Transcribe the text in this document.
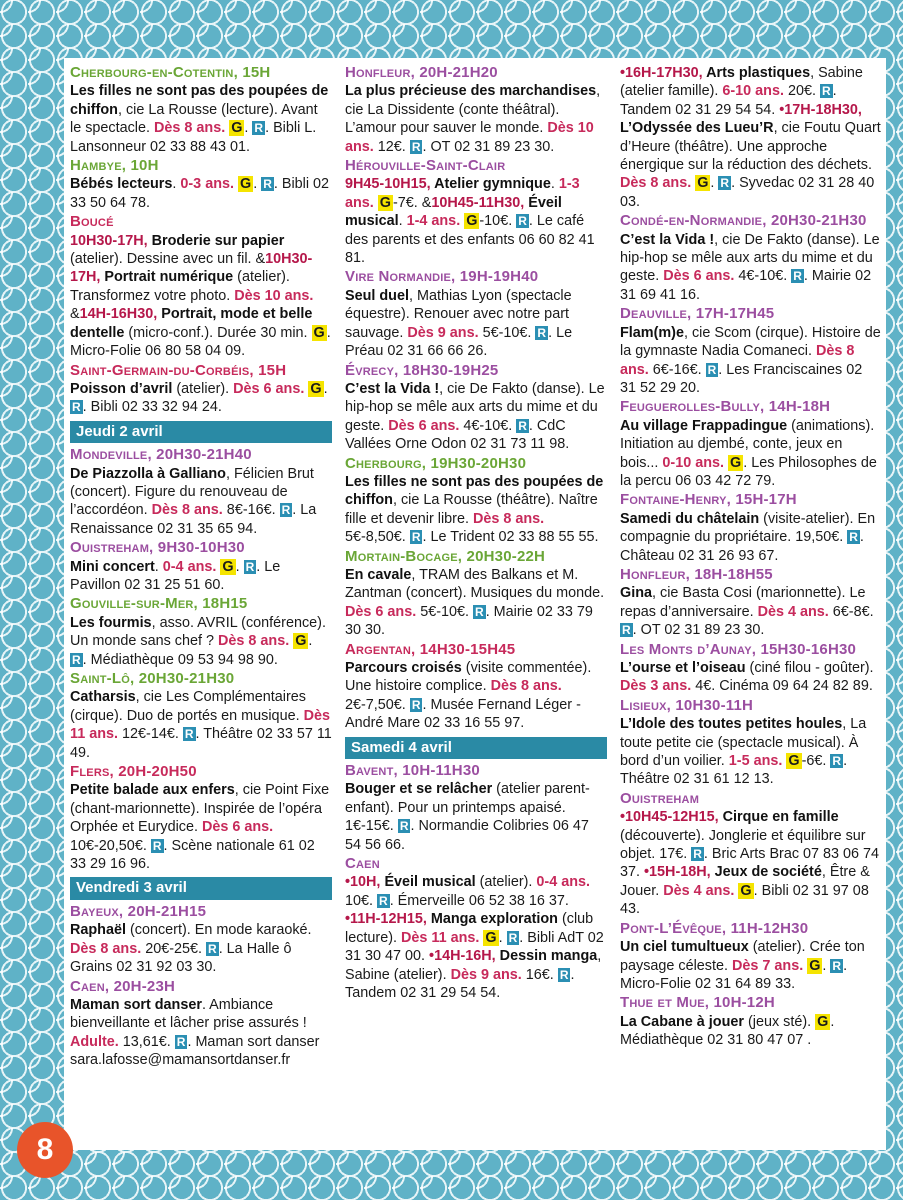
Cherbourg-en-Cotentin, 15H
Les filles ne sont pas des poupées de chiffon, cie La Rousse (lecture). Avant le spectacle. Dès 8 ans. G . R . Bibli L. Lansonneur 02 33 88 43 01.
Hambye, 10H
Bébés lecteurs. 0-3 ans. G . R . Bibli 02 33 50 64 78.
Boucé
10H30-17H, Broderie sur papier (atelier). Dessine avec un fil. &10H30-17H, Portrait numérique (atelier). Transformez votre photo. Dès 10 ans. &14H-16H30, Portrait, mode et belle dentelle (micro-conf.). Durée 30 min. G . Micro-Folie 06 80 58 04 09.
Saint-Germain-du-Corbéis, 15H
Poisson d’avril (atelier). Dès 6 ans. G . R . Bibli 02 33 32 94 24.
Jeudi 2 avril
Mondeville, 20H30-21H40
De Piazzolla à Galliano, Félicien Brut (concert). Figure du renouveau de l’accordéon. Dès 8 ans. 8€-16€. R . La Renaissance 02 31 35 65 94.
Ouistreham, 9H30-10H30
Mini concert. 0-4 ans. G . R . Le Pavillon 02 31 25 51 60.
Gouville-sur-Mer, 18H15
Les fourmis, asso. AVRIL (conférence). Un monde sans chef ? Dès 8 ans. G . R . Médiathèque 09 53 94 98 90.
Saint-Lô, 20H30-21H30
Catharsis, cie Les Complémentaires (cirque). Duo de portés en musique. Dès 11 ans. 12€-14€. R . Théâtre 02 33 57 11 49.
Flers, 20H-20H50
Petite balade aux enfers, cie Point Fixe (chant-marionnette). Inspirée de l’opéra Orphée et Eurydice. Dès 6 ans. 10€-20,50€. R . Scène nationale 61 02 33 29 16 96.
Vendredi 3 avril
Bayeux, 20H-21H15
Raphaël (concert). En mode karaoké. Dès 8 ans. 20€-25€. R . La Halle ô Grains 02 31 92 03 30.
Caen, 20H-23H
Maman sort danser. Ambiance bienveillante et lâcher prise assurés ! Adulte. 13,61€. R . Maman sort danser sara.lafosse@mamansortdanser.fr
Honfleur, 20H-21H20
La plus précieuse des marchandises, cie La Dissidente (conte théâtral). L’amour pour sauver le monde. Dès 10 ans. 12€. R . OT 02 31 89 23 30.
Hérouville-Saint-Clair
9H45-10H15, Atelier gymnique. 1-3 ans. G -7€. &10H45-11H30, Éveil musical. 1-4 ans. G -10€. R . Le café des parents et des enfants 06 60 82 41 81.
Vire Normandie, 19H-19H40
Seul duel, Mathias Lyon (spectacle équestre). Renouer avec notre part sauvage. Dès 9 ans. 5€-10€. R . Le Préau 02 31 66 66 26.
Évrecy, 18H30-19H25
C’est la Vida !, cie De Fakto (danse). Le hip-hop se mêle aux arts du mime et du geste. Dès 6 ans. 4€-10€. R . CdC Vallées Orne Odon 02 31 73 11 98.
Cherbourg, 19H30-20H30
Les filles ne sont pas des poupées de chiffon, cie La Rousse (théâtre). Naître fille et devenir libre. Dès 8 ans. 5€-8,50€. R . Le Trident 02 33 88 55 55.
Mortain-Bocage, 20H30-22H
En cavale, TRAM des Balkans et M. Zantman (concert). Musiques du monde. Dès 6 ans. 5€-10€. R . Mairie 02 33 79 30 30.
Argentan, 14H30-15H45
Parcours croisés (visite commentée). Une histoire complice. Dès 8 ans. 2€-7,50€. R . Musée Fernand Léger - André Mare 02 33 16 55 97.
Samedi 4 avril
Bavent, 10H-11H30
Bouger et se relâcher (atelier parent-enfant). Pour un printemps apaisé. 1€-15€. R . Normandie Colibries 06 47 54 56 66.
Caen
•10H, Éveil musical (atelier). 0-4 ans. 10€. R . Émerveille 06 52 38 16 37. •11H-12H15, Manga exploration (club lecture). Dès 11 ans. G . R . Bibli AdT 02 31 30 47 00. •14H-16H, Dessin manga, Sabine (atelier). Dès 9 ans. 16€. R . Tandem 02 31 29 54 54.
•16H-17H30, Arts plastiques, Sabine (atelier famille). 6-10 ans. 20€. R . Tandem 02 31 29 54 54. •17H-18H30, L’Odyssée des Lueu’R, cie Foutu Quart d’Heure (théâtre). Une approche énergique sur la réduction des déchets. Dès 8 ans. G . R . Syvedac 02 31 28 40 03.
Condé-en-Normandie, 20H30-21H30
C’est la Vida !, cie De Fakto (danse). Le hip-hop se mêle aux arts du mime et du geste. Dès 6 ans. 4€-10€. R . Mairie 02 31 69 41 16.
Deauville, 17H-17H45
Flam(m)e, cie Scom (cirque). Histoire de la gymnaste Nadia Comaneci. Dès 8 ans. 6€-16€. R . Les Franciscaines 02 31 52 29 20.
Feuguerolles-Bully, 14H-18H
Au village Frappadingue (animations). Initiation au djembé, conte, jeux en bois... 0-10 ans. G . Les Philosophes de la percu 06 03 42 72 79.
Fontaine-Henry, 15H-17H
Samedi du châtelain (visite-atelier). En compagnie du propriétaire. 19,50€. R . Château 02 31 26 93 67.
Honfleur, 18H-18H55
Gina, cie Basta Cosi (marionnette). Le repas d’anniversaire. Dès 4 ans. 6€-8€. R . OT 02 31 89 23 30.
Les Monts d’Aunay, 15H30-16H30
L’ourse et l’oiseau (ciné filou - goûter). Dès 3 ans. 4€. Cinéma 09 64 24 82 89.
Lisieux, 10H30-11H
L’Idole des toutes petites houles, La toute petite cie (spectacle musical). À bord d’un voilier. 1-5 ans. G -6€. R . Théâtre 02 31 61 12 13.
Ouistreham
•10H45-12H15, Cirque en famille (découverte). Jonglerie et équilibre sur objet. 17€. R . Bric Arts Brac 07 83 06 74 37. •15H-18H, Jeux de société, Être & Jouer. Dès 4 ans. G . Bibli 02 31 97 08 43.
Pont-L’Évêque, 11H-12H30
Un ciel tumultueux (atelier). Crée ton paysage céleste. Dès 7 ans. G . R . Micro-Folie 02 31 64 89 33.
Thue et Mue, 10H-12H
La Cabane à jouer (jeux sté). G . Médiathèque 02 31 80 47 07 .
8
